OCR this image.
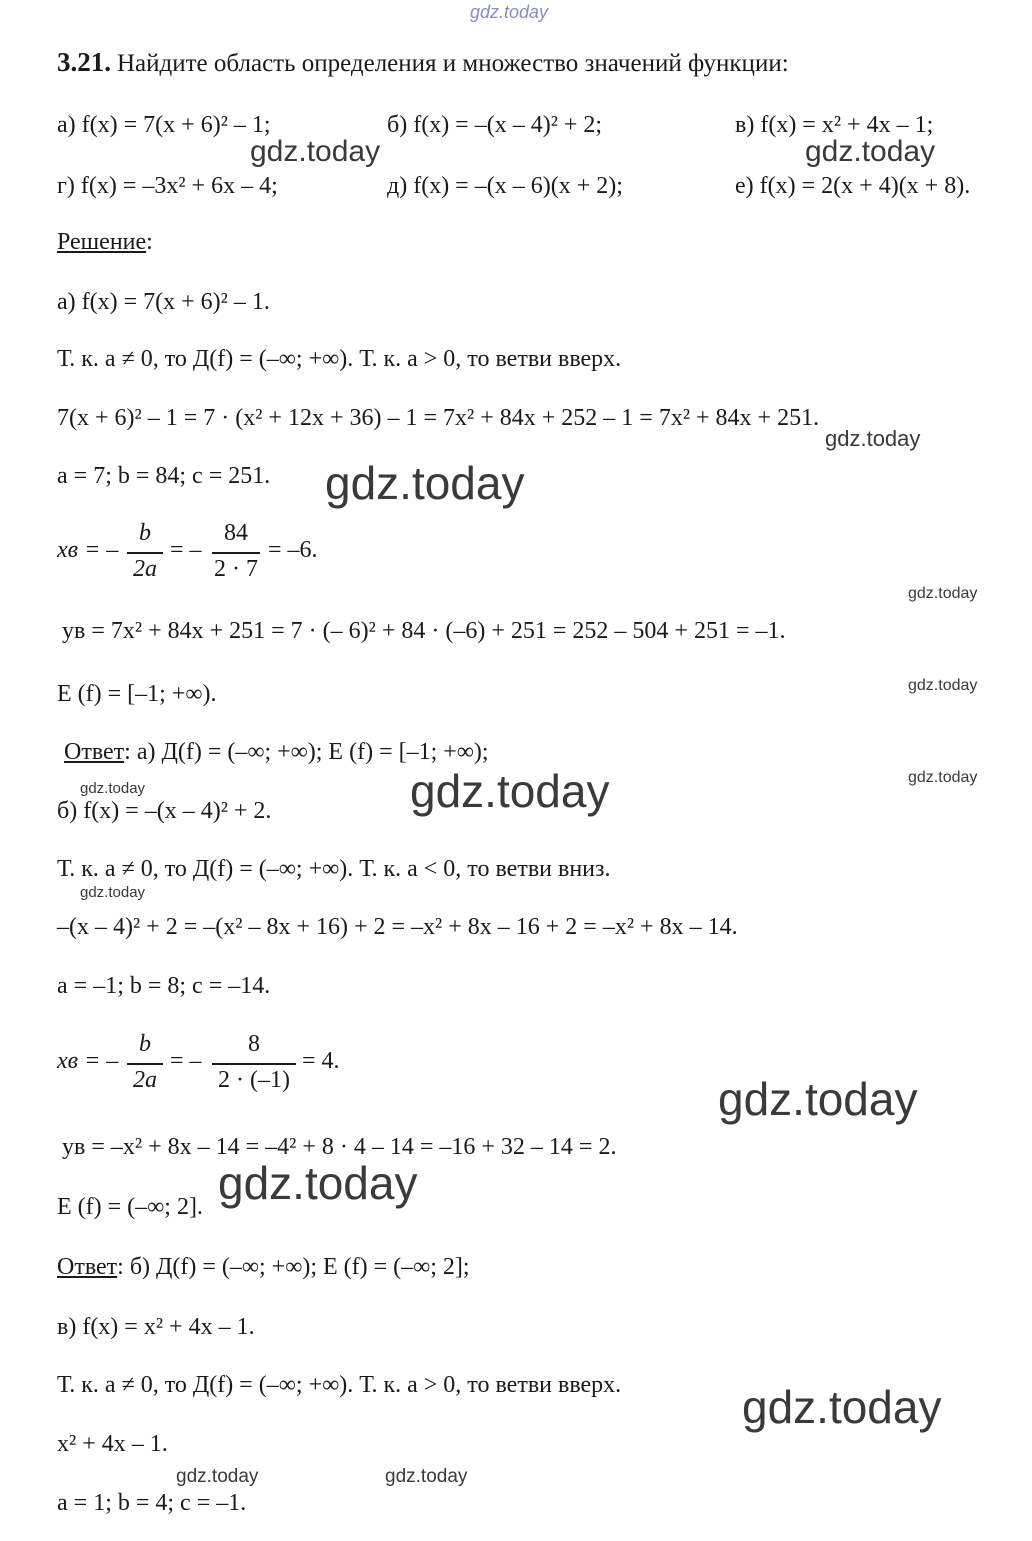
gdz.today
3.21. Найдите область определения и множество значений функции:
а) f(x) = 7(x + 6)² – 1;	б) f(x) = –(x – 4)² + 2;	в) f(x) = x² + 4x – 1;
г) f(x) = –3x² + 6x – 4;	д) f(x) = –(x – 6)(x + 2);	е) f(x) = 2(x + 4)(x + 8).
gdz.today	gdz.today
Решение:
а) f(x) = 7(x + 6)² – 1.
Т. к. a ≠ 0, то Д(f) = (–∞; +∞). Т. к. a > 0, то ветви вверх.
7(x + 6)² – 1 = 7 · (x² + 12x + 36) – 1 = 7x² + 84x + 252 – 1 = 7x² + 84x + 251.
gdz.today
a = 7; b = 84; c = 251. gdz.today
xв = –
b
2a
= –
84
2 · 7
= –6.
gdz.today
yв = 7x² + 84x + 251 = 7 · (– 6)² + 84 · (–6) + 251 = 252 – 504 + 251 = –1.
gdz.today
E (f) = [–1; +∞).
Ответ: а) Д(f) = (–∞; +∞); E (f) = [–1; +∞);
gdz.today
gdz.today
gdz.today
б) f(x) = –(x – 4)² + 2.
Т. к. a ≠ 0, то Д(f) = (–∞; +∞). Т. к. a < 0, то ветви вниз.
gdz.today
–(x – 4)² + 2 = –(x² – 8x + 16) + 2 = –x² + 8x – 16 + 2 = –x² + 8x – 14.
a = –1; b = 8; c = –14.
xв = –
b
2a
= –
8
2 · (–1)
= 4.
gdz.today
yв = –x² + 8x – 14 = –4² + 8 · 4 – 14 = –16 + 32 – 14 = 2.
gdz.today
E (f) = (–∞; 2].
Ответ: б) Д(f) = (–∞; +∞); E (f) = (–∞; 2];
в) f(x) = x² + 4x – 1.
Т. к. a ≠ 0, то Д(f) = (–∞; +∞). Т. к. a > 0, то ветви вверх.	gdz.today
x² + 4x – 1.
gdz.today	gdz.today
a = 1; b = 4; c = –1.
